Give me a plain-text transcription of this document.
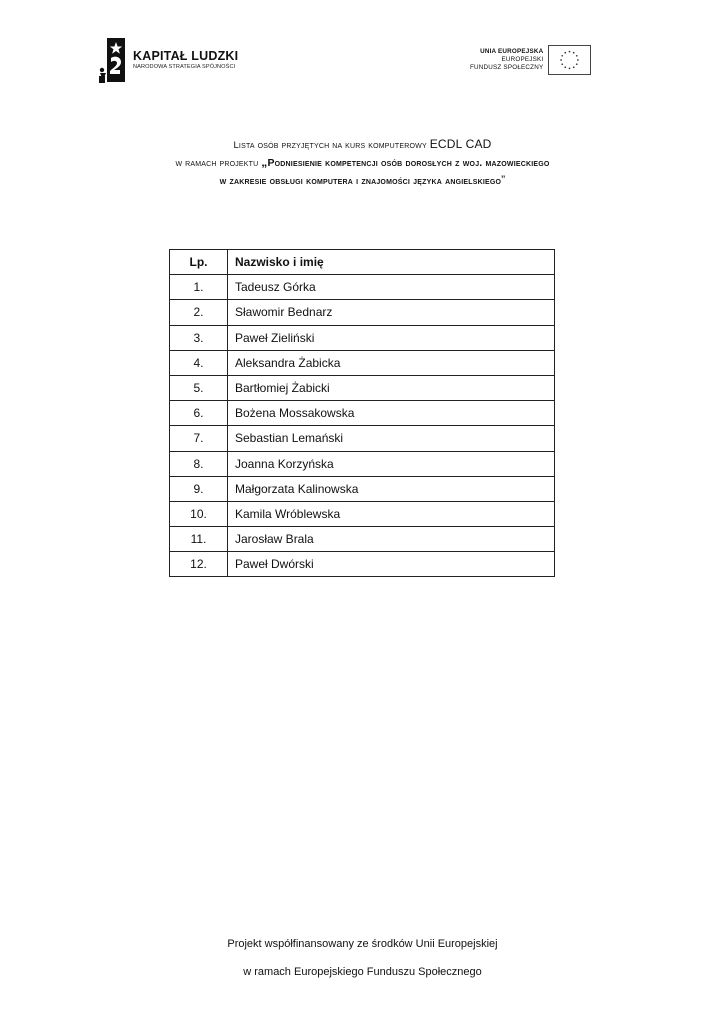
KAPITAŁ LUDZKI
NARODOWA STRATEGIA SPÓJNOŚCI
UNIA EUROPEJSKA
EUROPEJSKI
FUNDUSZ SPOŁECZNY
Lista osób przyjętych na kurs komputerowy ECDL CAD
w ramach projektu „Podniesienie kompetencji osób dorosłych z woj. mazowieckiego
w zakresie obsługi komputera i znajomości języka angielskiego”
Lp.	Nazwisko i imię
1.	Tadeusz Górka
2.	Sławomir Bednarz
3.	Paweł Zieliński
4.	Aleksandra Żabicka
5.	Bartłomiej Żabicki
6.	Bożena Mossakowska
7.	Sebastian Lemański
8.	Joanna Korzyńska
9.	Małgorzata Kalinowska
10.	Kamila Wróblewska
11.	Jarosław Brala
12.	Paweł Dwórski
Projekt współfinansowany ze środków Unii Europejskiej
w ramach Europejskiego Funduszu Społecznego
